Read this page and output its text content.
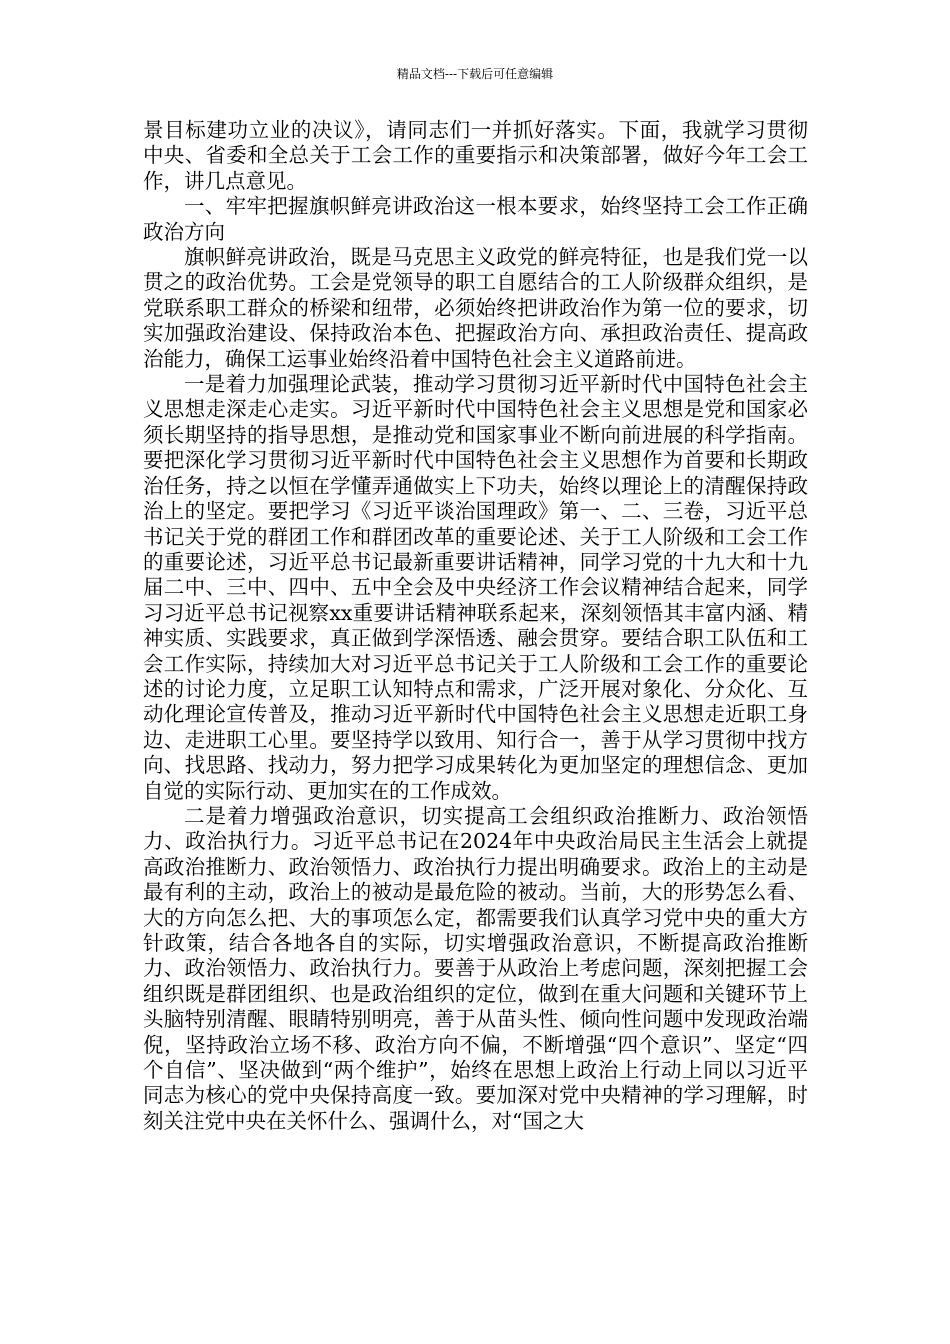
精品文档---下载后可任意编辑

景目标建功立业的决议》，请同志们一并抓好落实。下面，我就学习贯彻中央、省委和全总关于工会工作的重要指示和决策部署，做好今年工会工作，讲几点意见。

一、牢牢把握旗帜鲜亮讲政治这一根本要求，始终坚持工会工作正确政治方向

旗帜鲜亮讲政治，既是马克思主义政党的鲜亮特征，也是我们党一以贯之的政治优势。工会是党领导的职工自愿结合的工人阶级群众组织，是党联系职工群众的桥梁和纽带，必须始终把讲政治作为第一位的要求，切实加强政治建设、保持政治本色、把握政治方向、承担政治责任、提高政治能力，确保工运事业始终沿着中国特色社会主义道路前进。

一是着力加强理论武装，推动学习贯彻习近平新时代中国特色社会主义思想走深走心走实。习近平新时代中国特色社会主义思想是党和国家必须长期坚持的指导思想，是推动党和国家事业不断向前进展的科学指南。要把深化学习贯彻习近平新时代中国特色社会主义思想作为首要和长期政治任务，持之以恒在学懂弄通做实上下功夫，始终以理论上的清醒保持政治上的坚定。要把学习《习近平谈治国理政》第一、二、三卷，习近平总书记关于党的群团工作和群团改革的重要论述、关于工人阶级和工会工作的重要论述，习近平总书记最新重要讲话精神，同学习党的十九大和十九届二中、三中、四中、五中全会及中央经济工作会议精神结合起来，同学习习近平总书记视察xx重要讲话精神联系起来，深刻领悟其丰富内涵、精神实质、实践要求，真正做到学深悟透、融会贯穿。要结合职工队伍和工会工作实际，持续加大对习近平总书记关于工人阶级和工会工作的重要论述的讨论力度，立足职工认知特点和需求，广泛开展对象化、分众化、互动化理论宣传普及，推动习近平新时代中国特色社会主义思想走近职工身边、走进职工心里。要坚持学以致用、知行合一，善于从学习贯彻中找方向、找思路、找动力，努力把学习成果转化为更加坚定的理想信念、更加自觉的实际行动、更加实在的工作成效。

二是着力增强政治意识，切实提高工会组织政治推断力、政治领悟力、政治执行力。习近平总书记在2024年中央政治局民主生活会上就提高政治推断力、政治领悟力、政治执行力提出明确要求。政治上的主动是最有利的主动，政治上的被动是最危险的被动。当前，大的形势怎么看、大的方向怎么把、大的事项怎么定，都需要我们认真学习党中央的重大方针政策，结合各地各自的实际，切实增强政治意识，不断提高政治推断力、政治领悟力、政治执行力。要善于从政治上考虑问题，深刻把握工会组织既是群团组织、也是政治组织的定位，做到在重大问题和关键环节上头脑特别清醒、眼睛特别明亮，善于从苗头性、倾向性问题中发现政治端倪，坚持政治立场不移、政治方向不偏，不断增强“四个意识”、坚定“四个自信”、坚决做到“两个维护”，始终在思想上政治上行动上同以习近平同志为核心的党中央保持高度一致。要加深对党中央精神的学习理解，时刻关注党中央在关怀什么、强调什么，对“国之大
